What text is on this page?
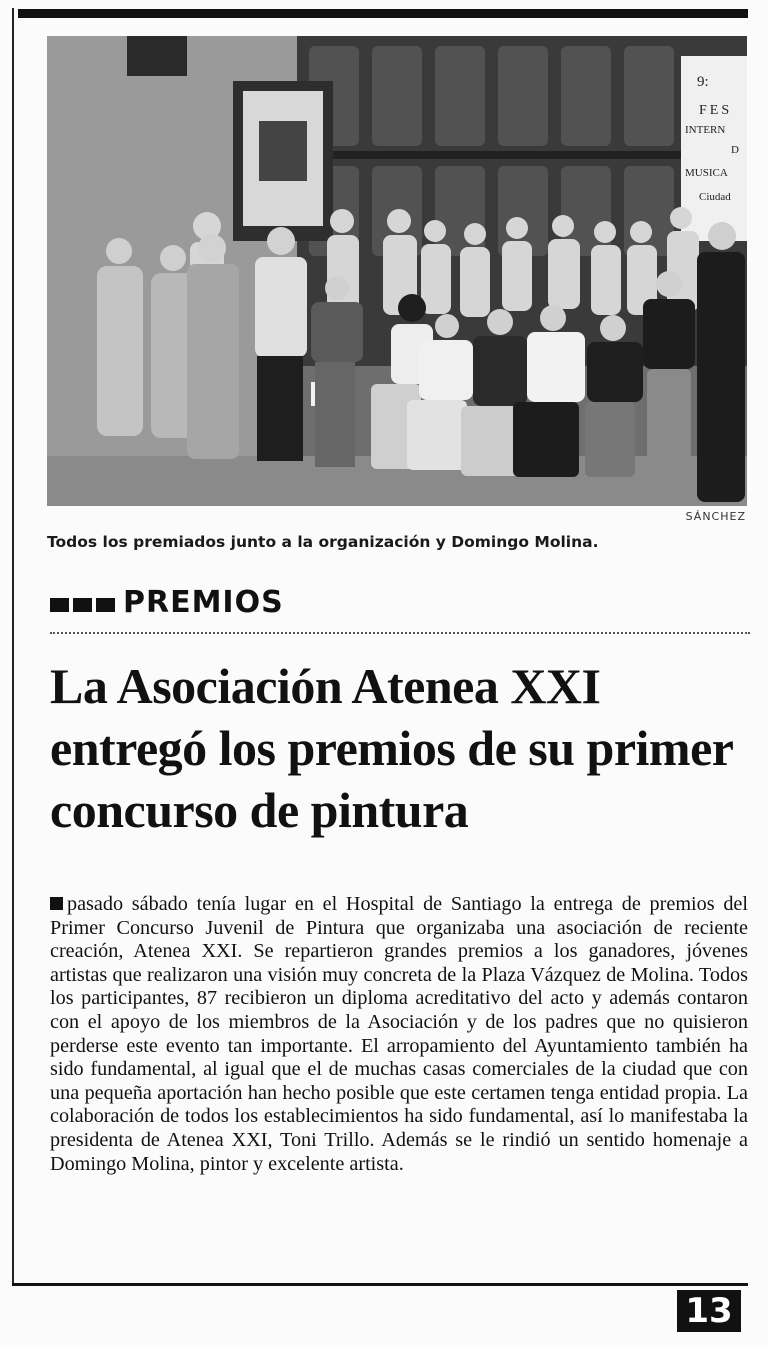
9:
FES
INTERN
D
MUSICA
Ciudad
SÁNCHEZ
Todos los premiados junto a la organización y Domingo Molina.
PREMIOS
La Asociación Atenea XXI entregó los premios de su primer concurso de pintura
pasado sábado tenía lugar en el Hospital de Santiago la entrega de premios del Primer Concurso Juvenil de Pintura que organizaba una asociación de reciente creación, Atenea XXI. Se repartieron grandes premios a los ganadores, jóvenes artistas que realizaron una visión muy concreta de la Plaza Vázquez de Molina. Todos los participantes, 87 recibieron un diploma acreditativo del acto y además contaron con el apoyo de los miembros de la Asociación y de los padres que no quisieron perderse este evento tan importante. El arropamiento del Ayuntamiento también ha sido fundamental, al igual que el de muchas casas comerciales de la ciudad que con una pequeña aportación han hecho posible que este certamen tenga entidad propia. La colaboración de todos los establecimientos ha sido fundamental, así lo manifestaba la presidenta de Atenea XXI, Toni Trillo. Además se le rindió un sentido homenaje a Domingo Molina, pintor y excelente artista.
13
